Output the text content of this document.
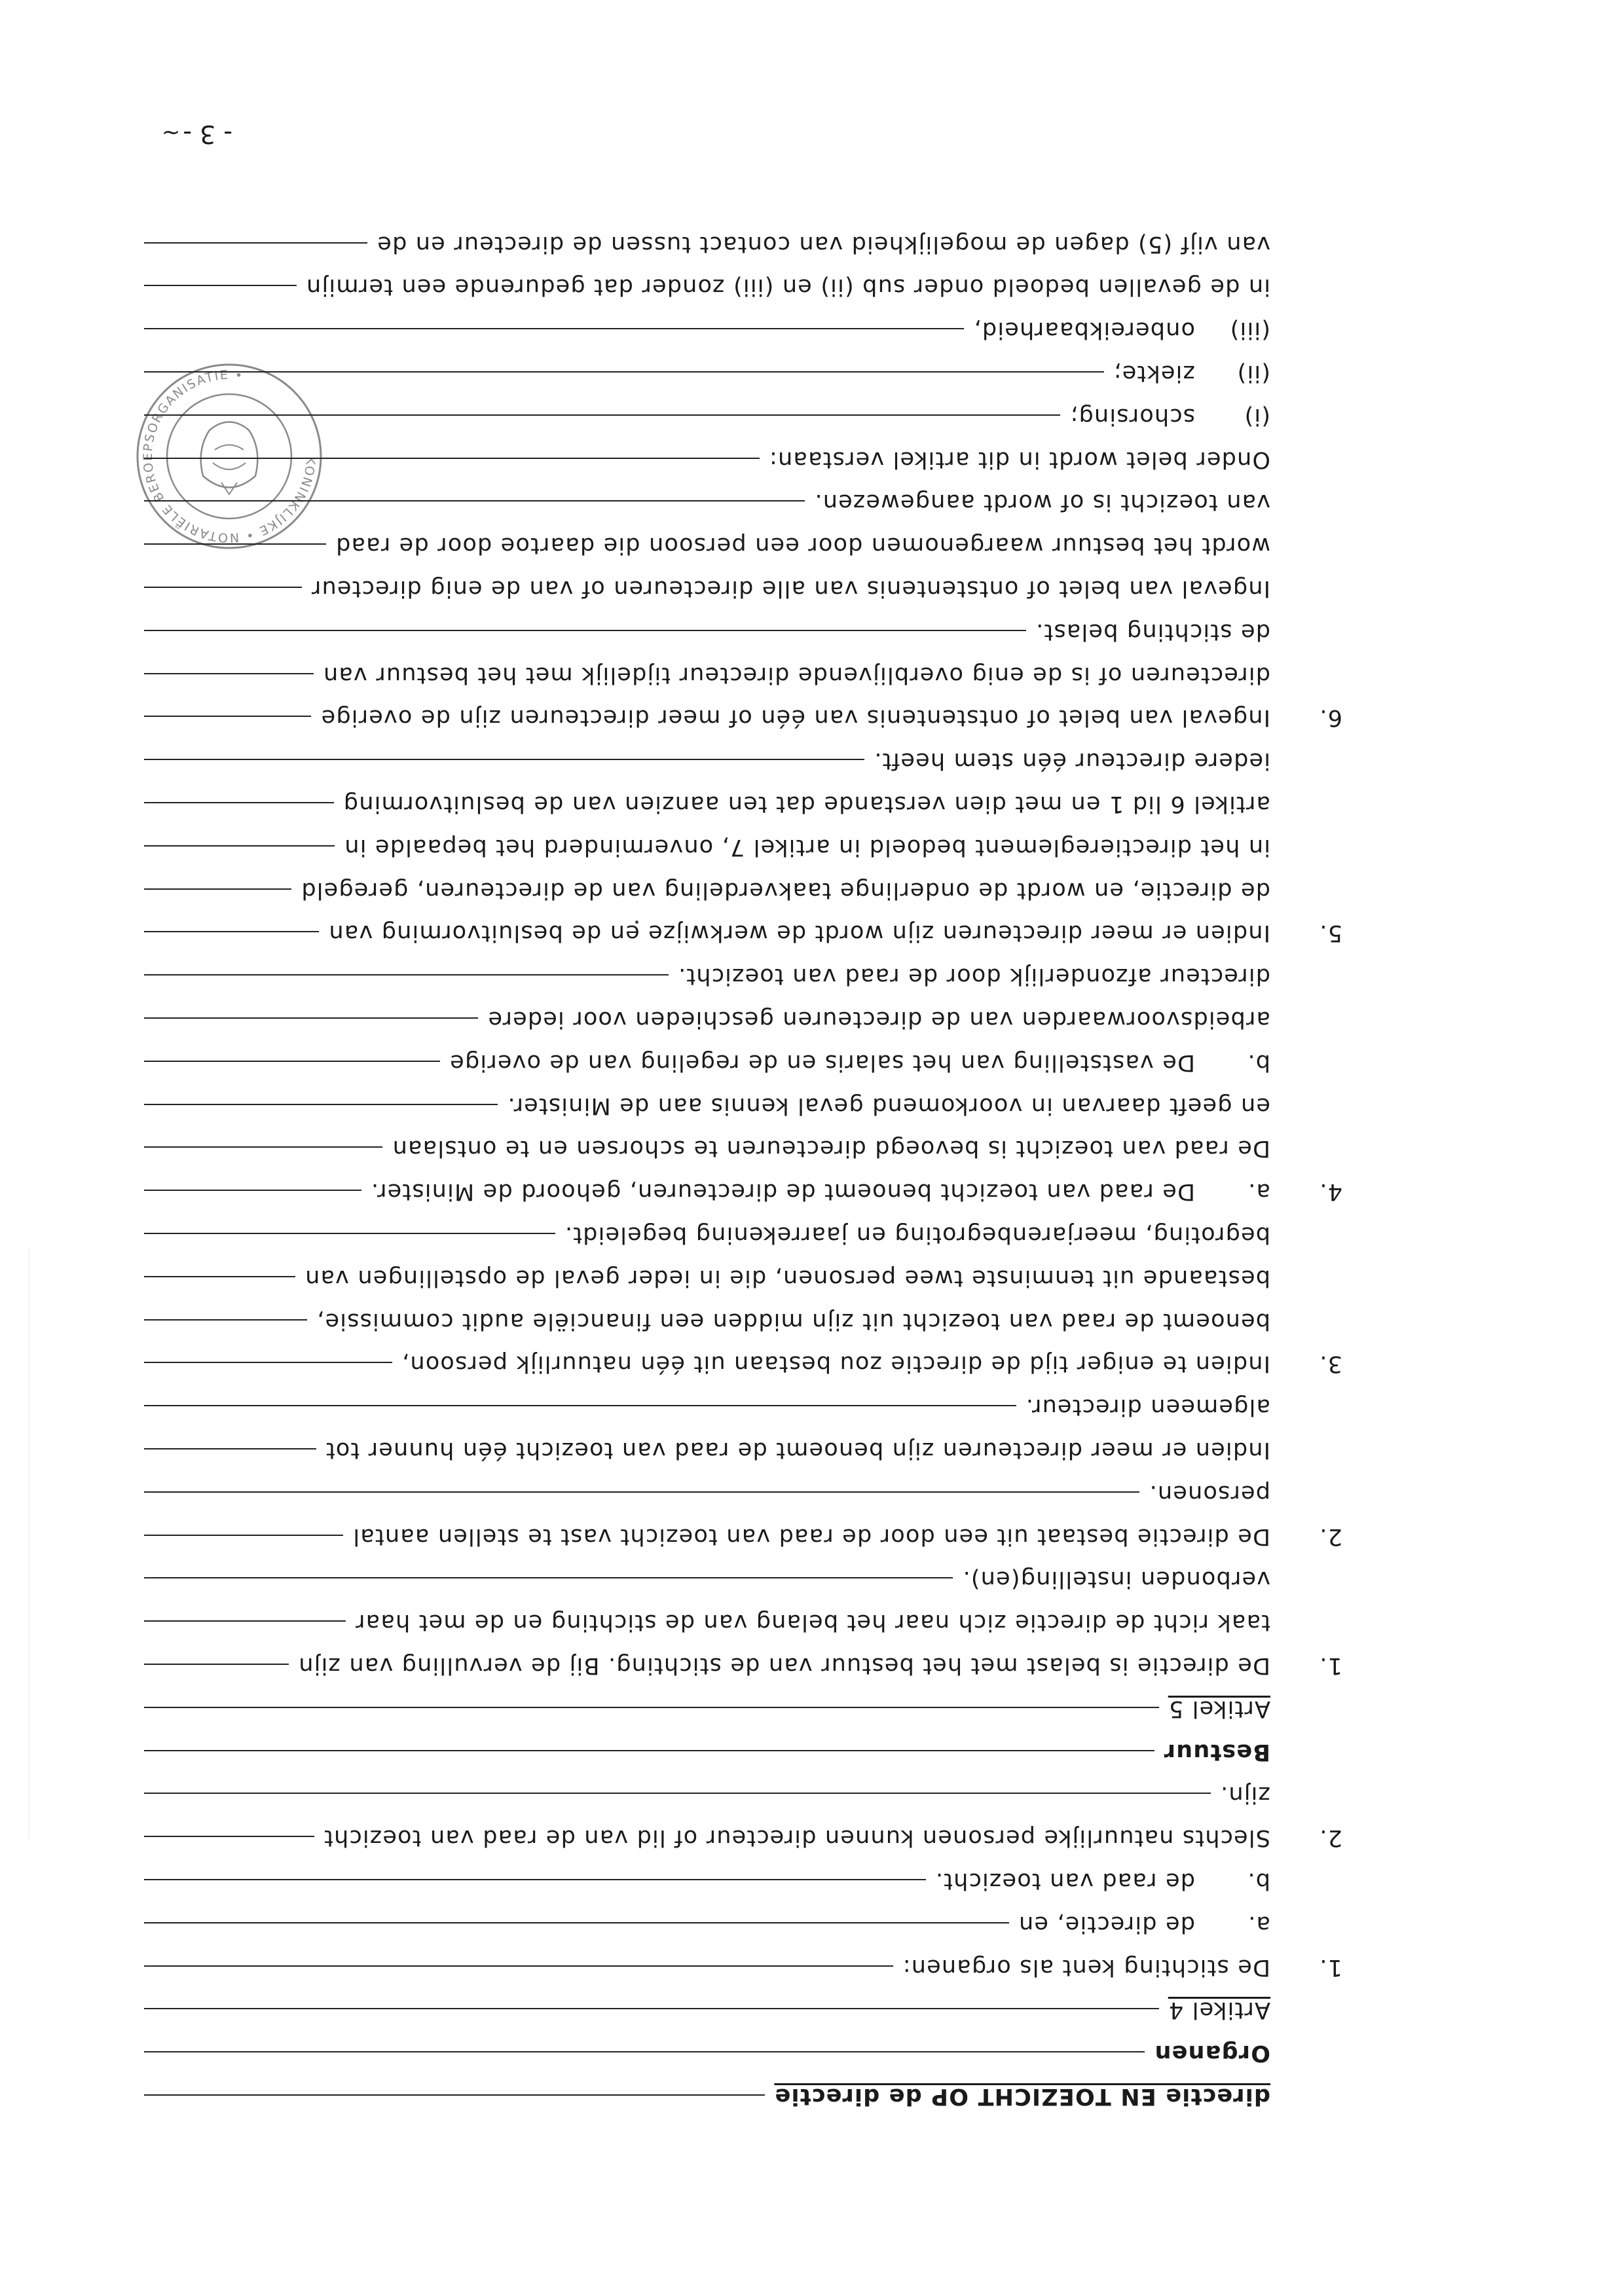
- 3 -~
KONINKLIJKE • NOTARIËLE BEROEPSORGANISATIE •
directie EN TOEZICHT OP de directie
Organen
Artikel 4
1.
De stichting kent als organen:
a.
de directie, en
b.
de raad van toezicht.
2.
Slechts natuurlijke personen kunnen directeur of lid van de raad van toezicht
zijn.
Bestuur
Artikel 5
1.
De directie is belast met het bestuur van de stichting. Bij de vervulling van zijn
taak richt de directie zich naar het belang van de stichting en de met haar
verbonden instelling(en).
2.
De directie bestaat uit een door de raad van toezicht vast te stellen aantal
personen.
Indien er meer directeuren zijn benoemt de raad van toezicht één hunner tot
algemeen directeur.
3.
Indien te eniger tijd de directie zou bestaan uit één natuurlijk persoon,
benoemt de raad van toezicht uit zijn midden een financiële audit commissie,
bestaande uit tenminste twee personen, die in ieder geval de opstellingen van
begroting, meerjarenbegroting en jaarrekening begeleidt.
4.
a.
De raad van toezicht benoemt de directeuren, gehoord de Minister.
De raad van toezicht is bevoegd directeuren te schorsen en te ontslaan
en geeft daarvan in voorkomend geval kennis aan de Minister.
b.
De vaststelling van het salaris en de regeling van de overige
arbeidsvoorwaarden van de directeuren geschieden voor iedere
directeur afzonderlijk door de raad van toezicht.
5.
Indien er meer directeuren zijn wordt de werkwijze en de besluitvorming van
de directie, en wordt de onderlinge taakverdeling van de directeuren, geregeld
in het directiereglement bedoeld in artikel 7, onverminderd het bepaalde in
artikel 6 lid 1 en met dien verstande dat ten aanzien van de besluitvorming
iedere directeur één stem heeft.
6.
Ingeval van belet of ontstentenis van één of meer directeuren zijn de overige
directeuren of is de enig overblijvende directeur tijdelijk met het bestuur van
de stichting belast.
Ingeval van belet of ontstentenis van alle directeuren of van de enig directeur
wordt het bestuur waargenomen door een persoon die daartoe door de raad
van toezicht is of wordt aangewezen.
Onder belet wordt in dit artikel verstaan:
(i)
schorsing;
(ii)
ziekte;
(iii)
onbereikbaarheid,
in de gevallen bedoeld onder sub (ii) en (iii) zonder dat gedurende een termijn
van vijf (5) dagen de mogelijkheid van contact tussen de directeur en de
